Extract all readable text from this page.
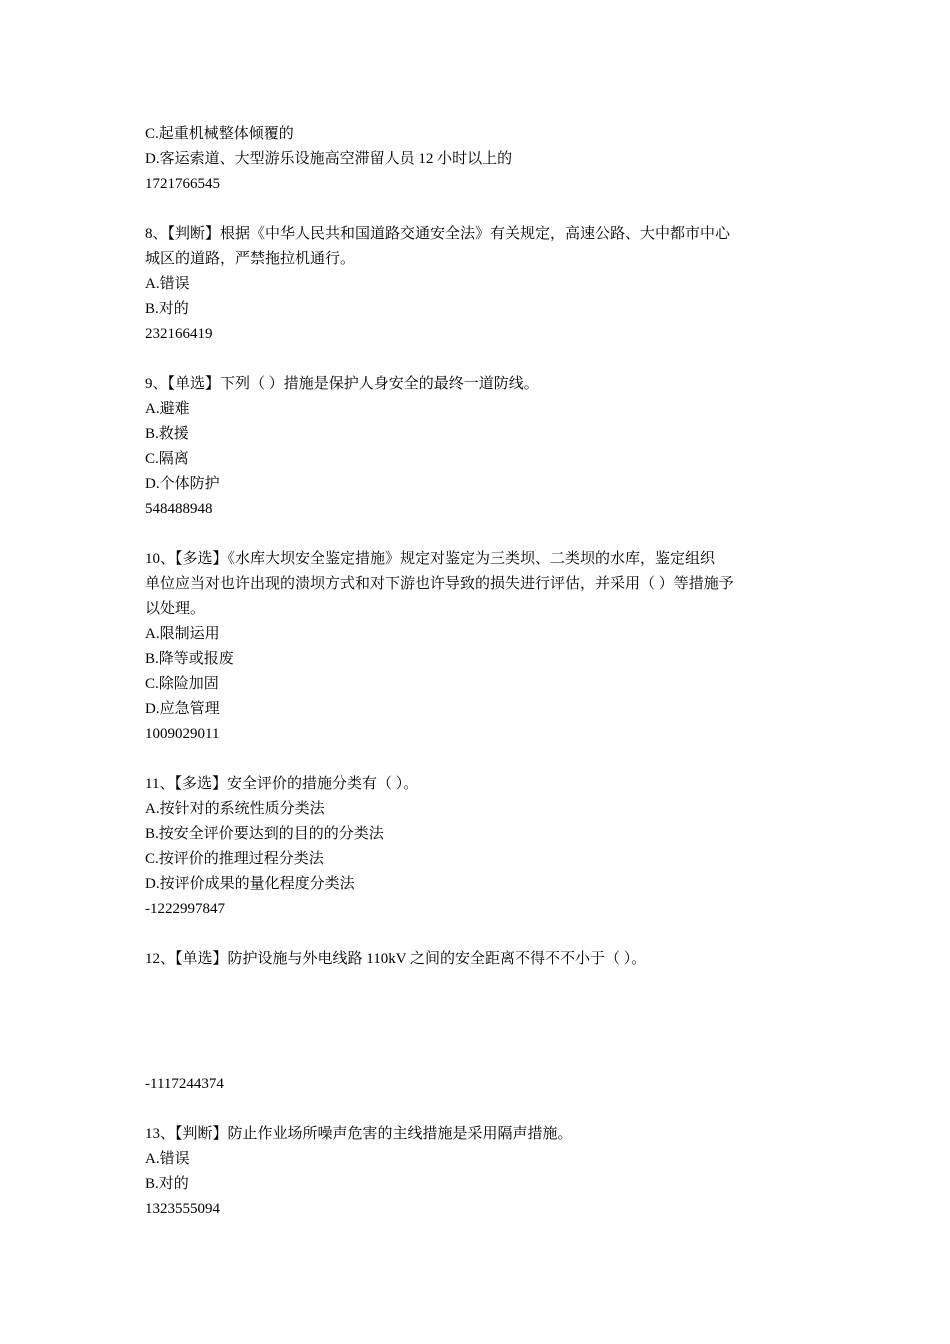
C.起重机械整体倾覆的
D.客运索道、大型游乐设施高空滞留人员 12 小时以上的
1721766545
8、【判断】根据《中华人民共和国道路交通安全法》有关规定，高速公路、大中都市中心
城区的道路，严禁拖拉机通行。
A.错误
B.对的
232166419
9、【单选】下列（ ）措施是保护人身安全的最终一道防线。
A.避难
B.救援
C.隔离
D.个体防护
548488948
10、【多选】《水库大坝安全鉴定措施》规定对鉴定为三类坝、二类坝的水库，鉴定组织
单位应当对也许出现的溃坝方式和对下游也许导致的损失进行评估，并采用（ ）等措施予
以处理。
A.限制运用
B.降等或报废
C.除险加固
D.应急管理
1009029011
11、【多选】安全评价的措施分类有（ ）。
A.按针对的系统性质分类法
B.按安全评价要达到的目的的分类法
C.按评价的推理过程分类法
D.按评价成果的量化程度分类法
-1222997847
12、【单选】防护设施与外电线路 110kV 之间的安全距离不得不不小于（ ）。
-1117244374
13、【判断】防止作业场所噪声危害的主线措施是采用隔声措施。
A.错误
B.对的
1323555094
